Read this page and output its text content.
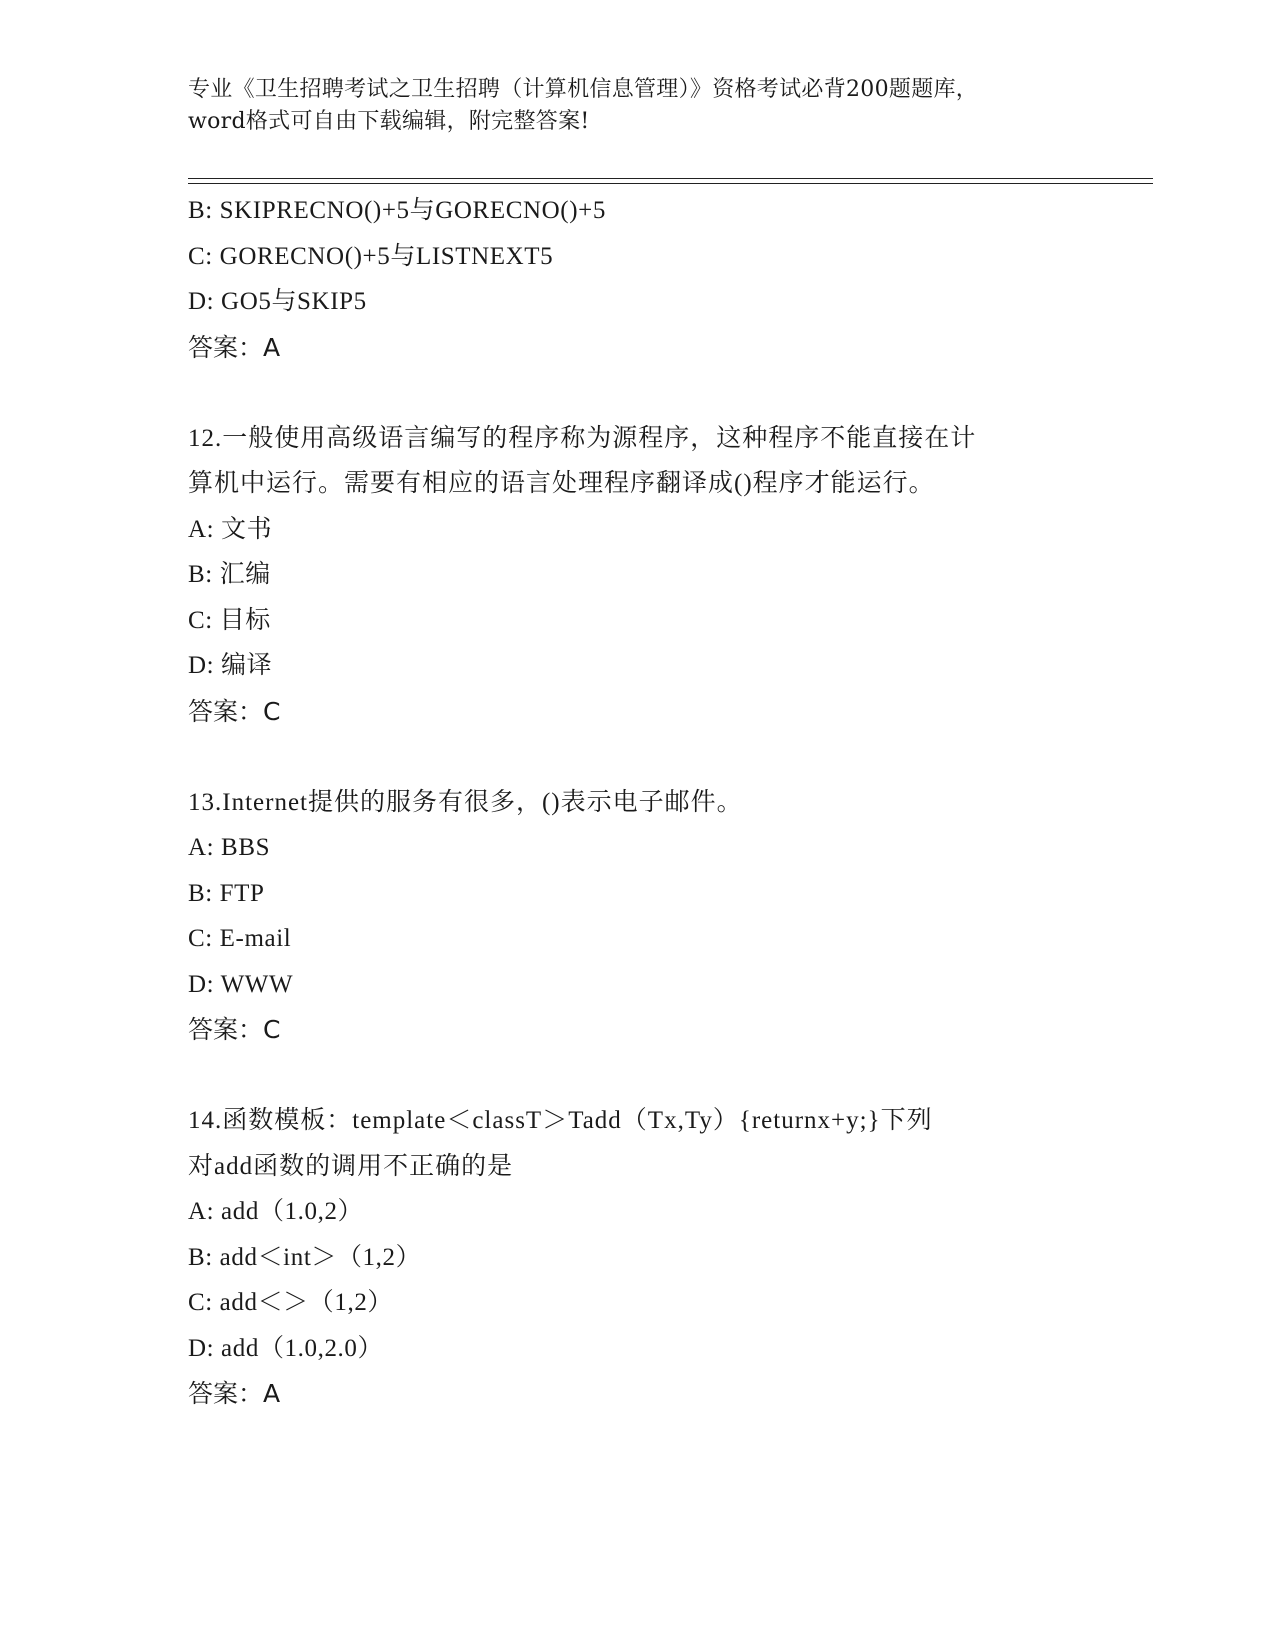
专业《卫生招聘考试之卫生招聘（计算机信息管理）》资格考试必背200题题库，
word格式可自由下载编辑，附完整答案!
B: SKIPRECNO()+5与GORECNO()+5
C: GORECNO()+5与LISTNEXT5
D: GO5与SKIP5
答案：A
12.一般使用高级语言编写的程序称为源程序，这种程序不能直接在计
算机中运行。需要有相应的语言处理程序翻译成()程序才能运行。
A: 文书
B: 汇编
C: 目标
D: 编译
答案：C
13.Internet提供的服务有很多，()表示电子邮件。
A: BBS
B: FTP
C: E-mail
D: WWW
答案：C
14.函数模板：template＜classT＞Tadd（Tx,Ty）{returnx+y;}下列
对add函数的调用不正确的是
A: add（1.0,2）
B: add＜int＞（1,2）
C: add＜＞（1,2）
D: add（1.0,2.0）
答案：A
